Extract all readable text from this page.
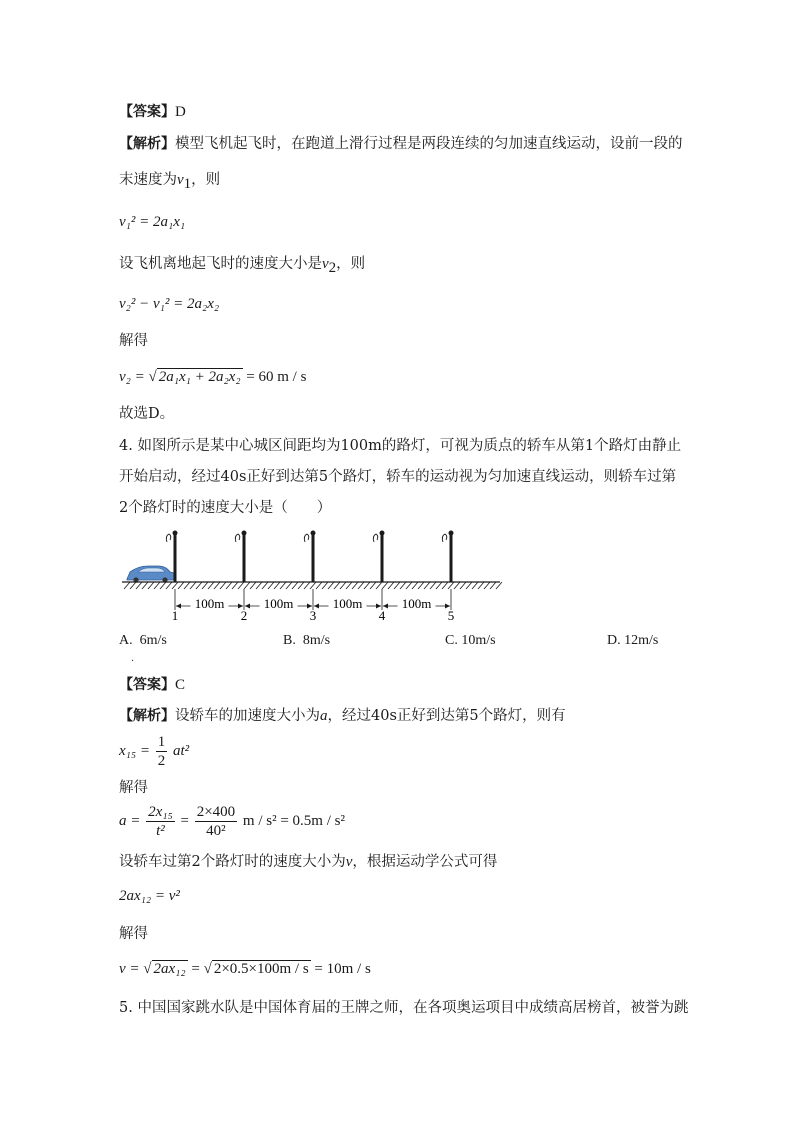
【答案】D
【解析】模型飞机起飞时，在跑道上滑行过程是两段连续的匀加速直线运动，设前一段的
末速度为$v_1$，则
v₁² = 2a₁x₁
设飞机离地起飞时的速度大小是$v_2$，则
v₂² − v₁² = 2a₂x₂
解得
v₂ = √ 2a₁x₁ + 2a₂x₂ = 60 m / s
故选D。
4. 如图所示是某中心城区间距均为100m的路灯，可视为质点的轿车从第1个路灯由静止
开始启动，经过40s正好到达第5个路灯，轿车的运动视为匀加速直线运动，则轿车过第
2个路灯时的速度大小是（　　）
1	2	3	4	5
100m	100m	100m	100m
A. 6m/s	B. 8m/s	C. 10m/s	D. 12m/s
.
【答案】C
【解析】设轿车的加速度大小为a，经过40s正好到达第5个路灯，则有
$x_{15} = \frac{1}{2} at^2$
解得
$a = \frac{\text{2x₁₅}}{\text{t²}} = \frac{2\times 400}{\text{40²}}$ m / s² = 0.5m / s²
设轿车过第2个路灯时的速度大小为v，根据运动学公式可得
2ax₁₂ = v²
解得
v = √ 2ax₁₂ = √ 2×0.5×100m / s = 10m / s
5. 中国国家跳水队是中国体育届的王牌之师，在各项奥运项目中成绩高居榜首，被誉为跳
